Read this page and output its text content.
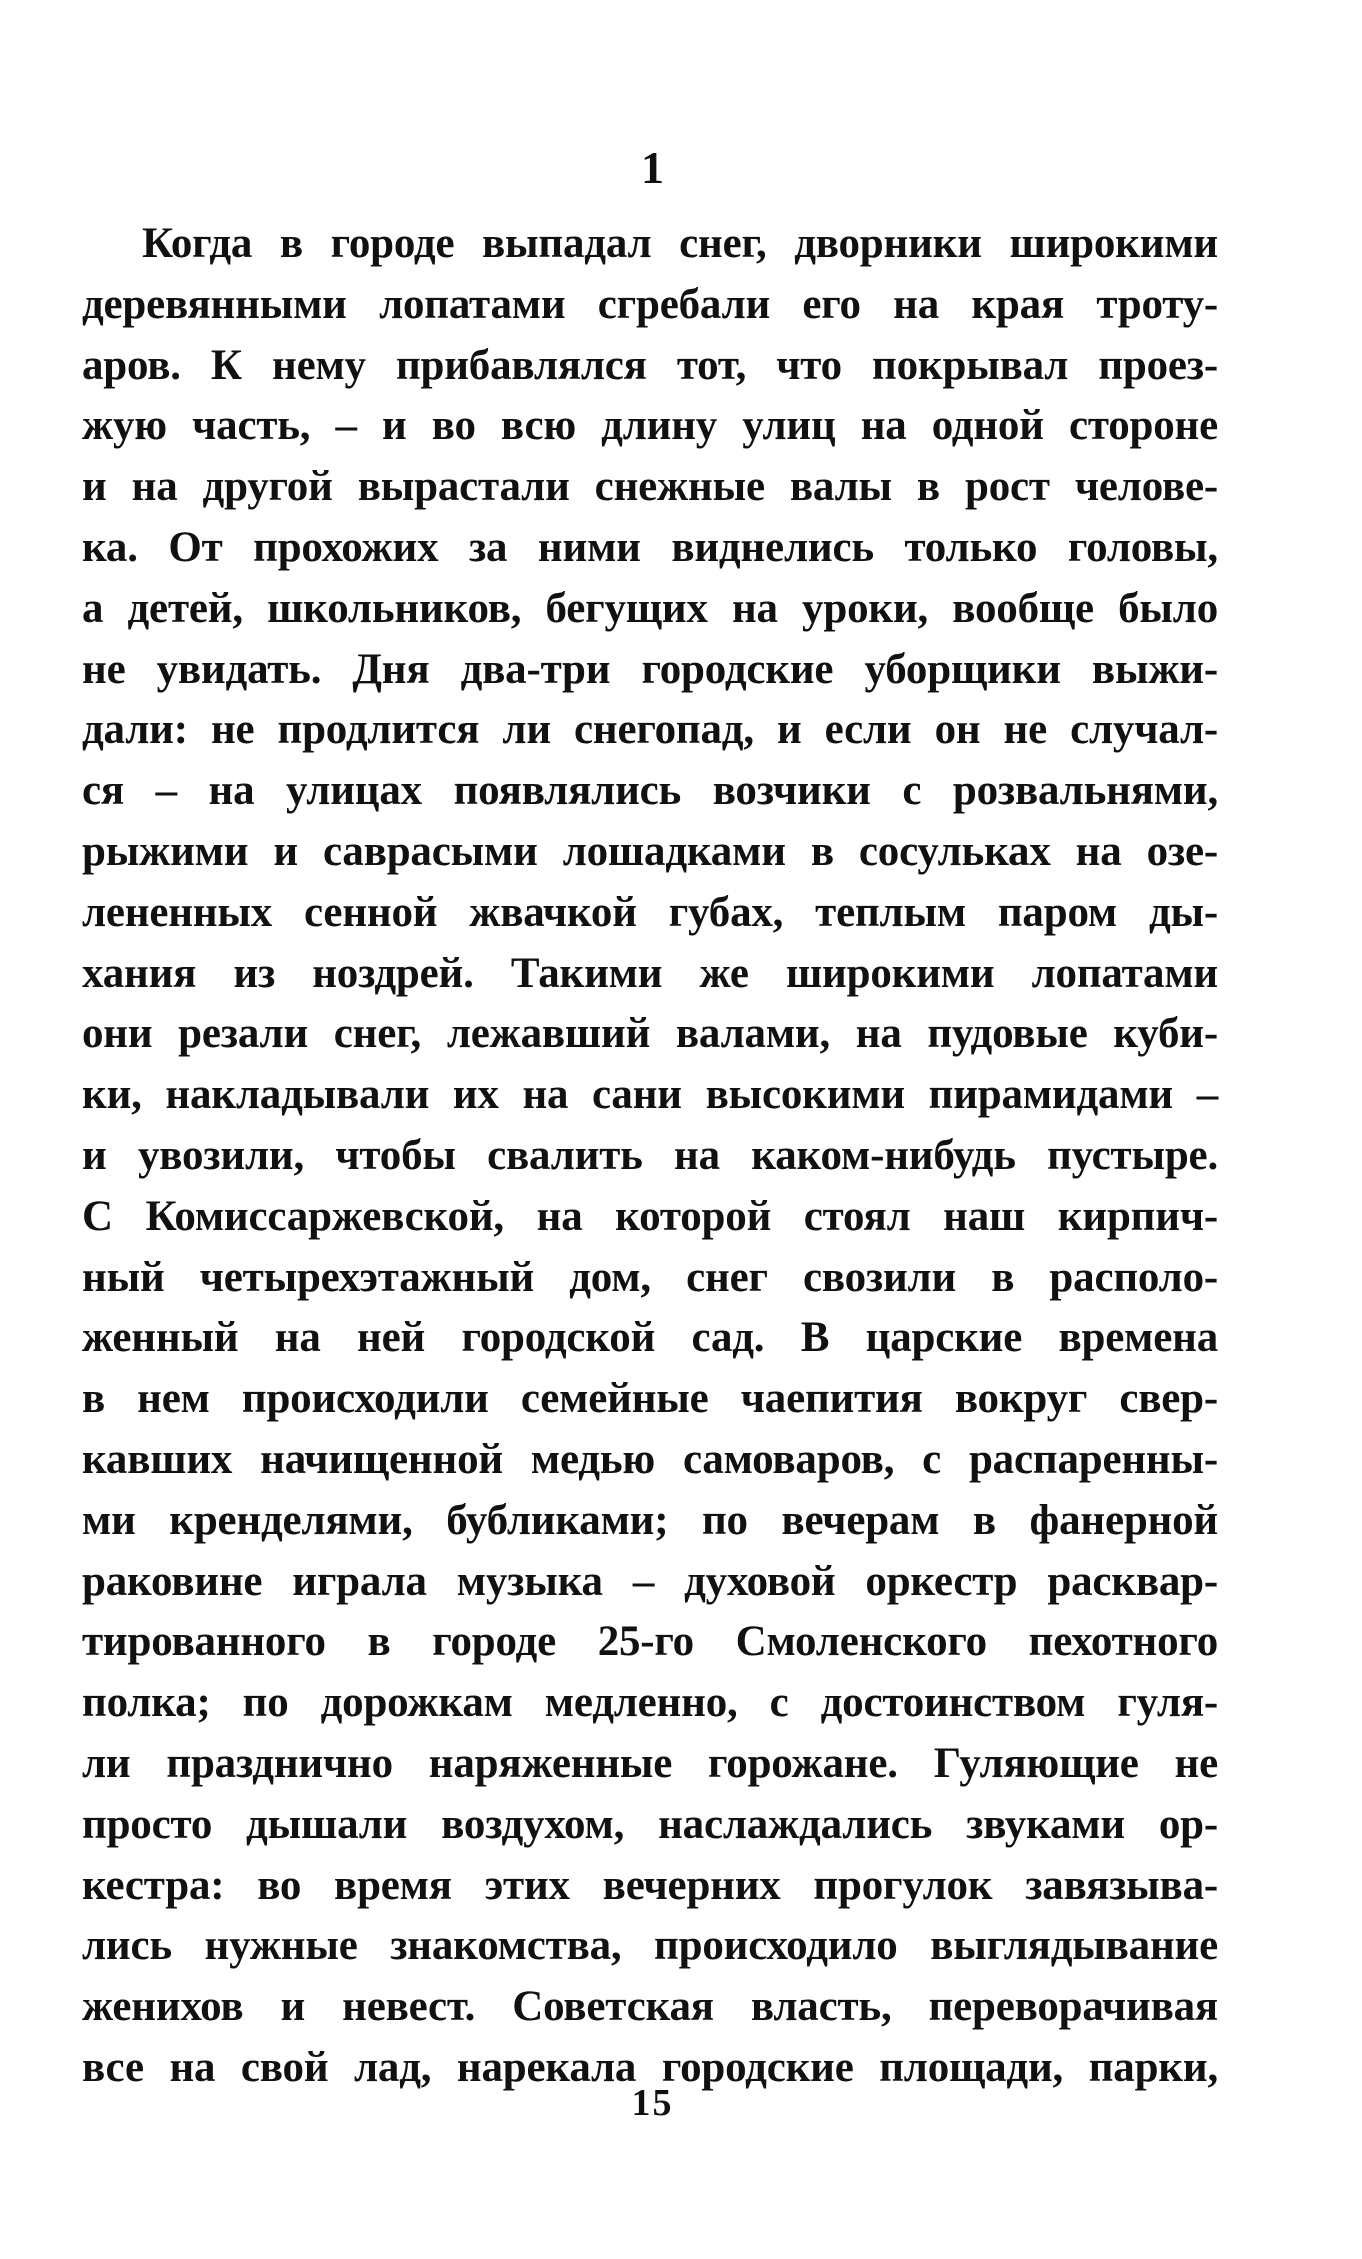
1
Когда в городе выпадал снег, дворники широкими
деревянными лопатами сгребали его на края троту-
аров. К нему прибавлялся тот, что покрывал проез-
жую часть, – и во всю длину улиц на одной стороне
и на другой вырастали снежные валы в рост челове-
ка. От прохожих за ними виднелись только головы,
а детей, школьников, бегущих на уроки, вообще было
не увидать. Дня два-три городские уборщики выжи-
дали: не продлится ли снегопад, и если он не случал-
ся – на улицах появлялись возчики с розвальнями,
рыжими и саврасыми лошадками в сосульках на озе-
лененных сенной жвачкой губах, теплым паром ды-
хания из ноздрей. Такими же широкими лопатами
они резали снег, лежавший валами, на пудовые куби-
ки, накладывали их на сани высокими пирамидами –
и увозили, чтобы свалить на каком-нибудь пустыре.
С Комиссаржевской, на которой стоял наш кирпич-
ный четырехэтажный дом, снег свозили в располо-
женный на ней городской сад. В царские времена
в нем происходили семейные чаепития вокруг свер-
кавших начищенной медью самоваров, с распаренны-
ми кренделями, бубликами; по вечерам в фанерной
раковине играла музыка – духовой оркестр расквар-
тированного в городе 25-го Смоленского пехотного
полка; по дорожкам медленно, с достоинством гуля-
ли празднично наряженные горожане. Гуляющие не
просто дышали воздухом, наслаждались звуками ор-
кестра: во время этих вечерних прогулок завязыва-
лись нужные знакомства, происходило выглядывание
женихов и невест. Советская власть, переворачивая
все на свой лад, нарекала городские площади, парки,
15
